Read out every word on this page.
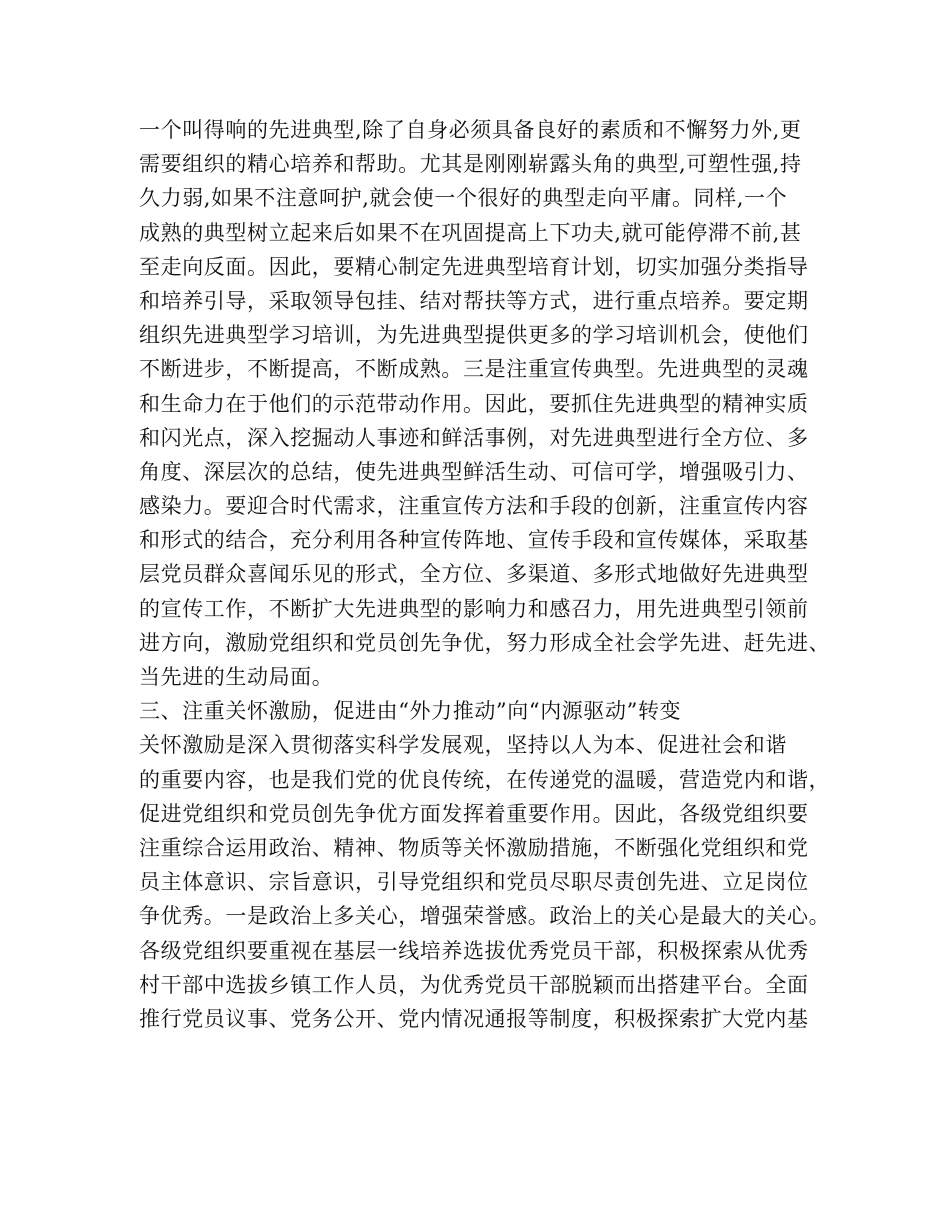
一个叫得响的先进典型,除了自身必须具备良好的素质和不懈努力外,更
需要组织的精心培养和帮助。尤其是刚刚崭露头角的典型,可塑性强,持
久力弱,如果不注意呵护,就会使一个很好的典型走向平庸。同样,一个
成熟的典型树立起来后如果不在巩固提高上下功夫,就可能停滞不前,甚
至走向反面。因此，要精心制定先进典型培育计划，切实加强分类指导
和培养引导，采取领导包挂、结对帮扶等方式，进行重点培养。要定期
组织先进典型学习培训，为先进典型提供更多的学习培训机会，使他们
不断进步，不断提高，不断成熟。三是注重宣传典型。先进典型的灵魂
和生命力在于他们的示范带动作用。因此，要抓住先进典型的精神实质
和闪光点，深入挖掘动人事迹和鲜活事例，对先进典型进行全方位、多
角度、深层次的总结，使先进典型鲜活生动、可信可学，增强吸引力、
感染力。要迎合时代需求，注重宣传方法和手段的创新，注重宣传内容
和形式的结合，充分利用各种宣传阵地、宣传手段和宣传媒体，采取基
层党员群众喜闻乐见的形式，全方位、多渠道、多形式地做好先进典型
的宣传工作，不断扩大先进典型的影响力和感召力，用先进典型引领前
进方向，激励党组织和党员创先争优，努力形成全社会学先进、赶先进、
当先进的生动局面。
三、注重关怀激励，促进由“外力推动”向“内源驱动”转变
关怀激励是深入贯彻落实科学发展观，坚持以人为本、促进社会和谐
的重要内容，也是我们党的优良传统，在传递党的温暖，营造党内和谐，
促进党组织和党员创先争优方面发挥着重要作用。因此，各级党组织要
注重综合运用政治、精神、物质等关怀激励措施，不断强化党组织和党
员主体意识、宗旨意识，引导党组织和党员尽职尽责创先进、立足岗位
争优秀。一是政治上多关心，增强荣誉感。政治上的关心是最大的关心。
各级党组织要重视在基层一线培养选拔优秀党员干部，积极探索从优秀
村干部中选拔乡镇工作人员，为优秀党员干部脱颖而出搭建平台。全面
推行党员议事、党务公开、党内情况通报等制度，积极探索扩大党内基
